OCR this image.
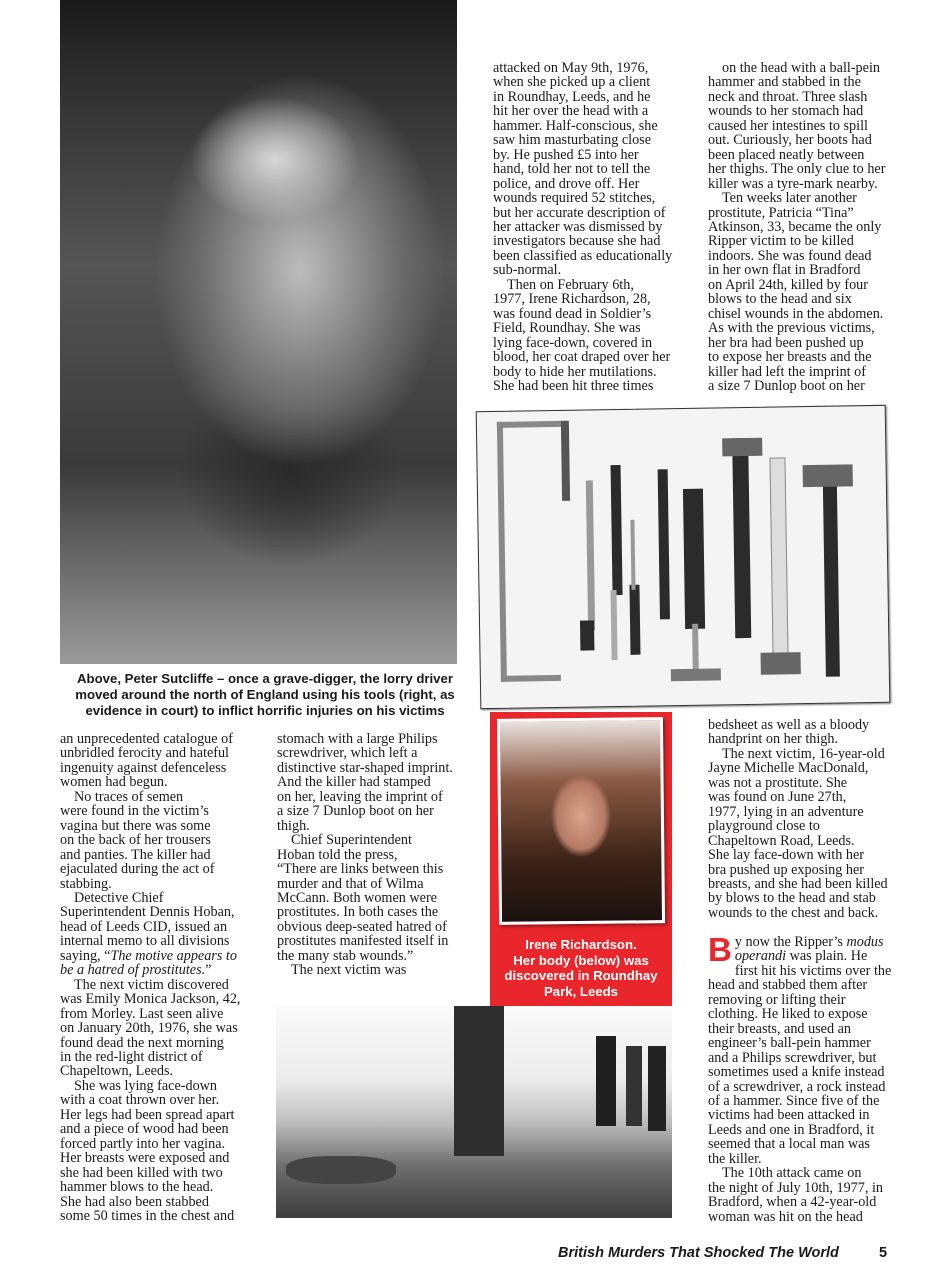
Above, Peter Sutcliffe – once a grave-digger, the lorry driver
moved around the north of England using his tools (right, as
evidence in court) to inflict horrific injuries on his victims
attacked on May 9th, 1976,
when she picked up a client
in Roundhay, Leeds, and he
hit her over the head with a
hammer. Half-conscious, she
saw him masturbating close
by. He pushed £5 into her
hand, told her not to tell the
police, and drove off. Her
wounds required 52 stitches,
but her accurate description of
her attacker was dismissed by
investigators because she had
been classified as educationally
sub-normal.
Then on February 6th,
1977, Irene Richardson, 28,
was found dead in Soldier’s
Field, Roundhay. She was
lying face-down, covered in
blood, her coat draped over her
body to hide her mutilations.
She had been hit three times
on the head with a ball-pein
hammer and stabbed in the
neck and throat. Three slash
wounds to her stomach had
caused her intestines to spill
out. Curiously, her boots had
been placed neatly between
her thighs. The only clue to her
killer was a tyre-mark nearby.
Ten weeks later another
prostitute, Patricia “Tina”
Atkinson, 33, became the only
Ripper victim to be killed
indoors. She was found dead
in her own flat in Bradford
on April 24th, killed by four
blows to the head and six
chisel wounds in the abdomen.
As with the previous victims,
her bra had been pushed up
to expose her breasts and the
killer had left the imprint of
a size 7 Dunlop boot on her
Irene Richardson.
Her body (below) was
discovered in Roundhay
Park, Leeds
an unprecedented catalogue of
unbridled ferocity and hateful
ingenuity against defenceless
women had begun.
No traces of semen
were found in the victim’s
vagina but there was some
on the back of her trousers
and panties. The killer had
ejaculated during the act of
stabbing.
Detective Chief
Superintendent Dennis Hoban,
head of Leeds CID, issued an
internal memo to all divisions
saying, “The motive appears to
be a hatred of prostitutes.”
The next victim discovered
was Emily Monica Jackson, 42,
from Morley. Last seen alive
on January 20th, 1976, she was
found dead the next morning
in the red-light district of
Chapeltown, Leeds.
She was lying face-down
with a coat thrown over her.
Her legs had been spread apart
and a piece of wood had been
forced partly into her vagina.
Her breasts were exposed and
she had been killed with two
hammer blows to the head.
She had also been stabbed
some 50 times in the chest and
stomach with a large Philips
screwdriver, which left a
distinctive star-shaped imprint.
And the killer had stamped
on her, leaving the imprint of
a size 7 Dunlop boot on her
thigh.
Chief Superintendent
Hoban told the press,
“There are links between this
murder and that of Wilma
McCann. Both women were
prostitutes. In both cases the
obvious deep-seated hatred of
prostitutes manifested itself in
the many stab wounds.”
The next victim was
bedsheet as well as a bloody
handprint on her thigh.
The next victim, 16-year-old
Jayne Michelle MacDonald,
was not a prostitute. She
was found on June 27th,
1977, lying in an adventure
playground close to
Chapeltown Road, Leeds.
She lay face-down with her
bra pushed up exposing her
breasts, and she had been killed
by blows to the head and stab
wounds to the chest and back.
B y now the Ripper’s modus
operandi was plain. He
first hit his victims over the
head and stabbed them after
removing or lifting their
clothing. He liked to expose
their breasts, and used an
engineer’s ball-pein hammer
and a Philips screwdriver, but
sometimes used a knife instead
of a screwdriver, a rock instead
of a hammer. Since five of the
victims had been attacked in
Leeds and one in Bradford, it
seemed that a local man was
the killer.
The 10th attack came on
the night of July 10th, 1977, in
Bradford, when a 42-year-old
woman was hit on the head
British Murders That Shocked The World	5
